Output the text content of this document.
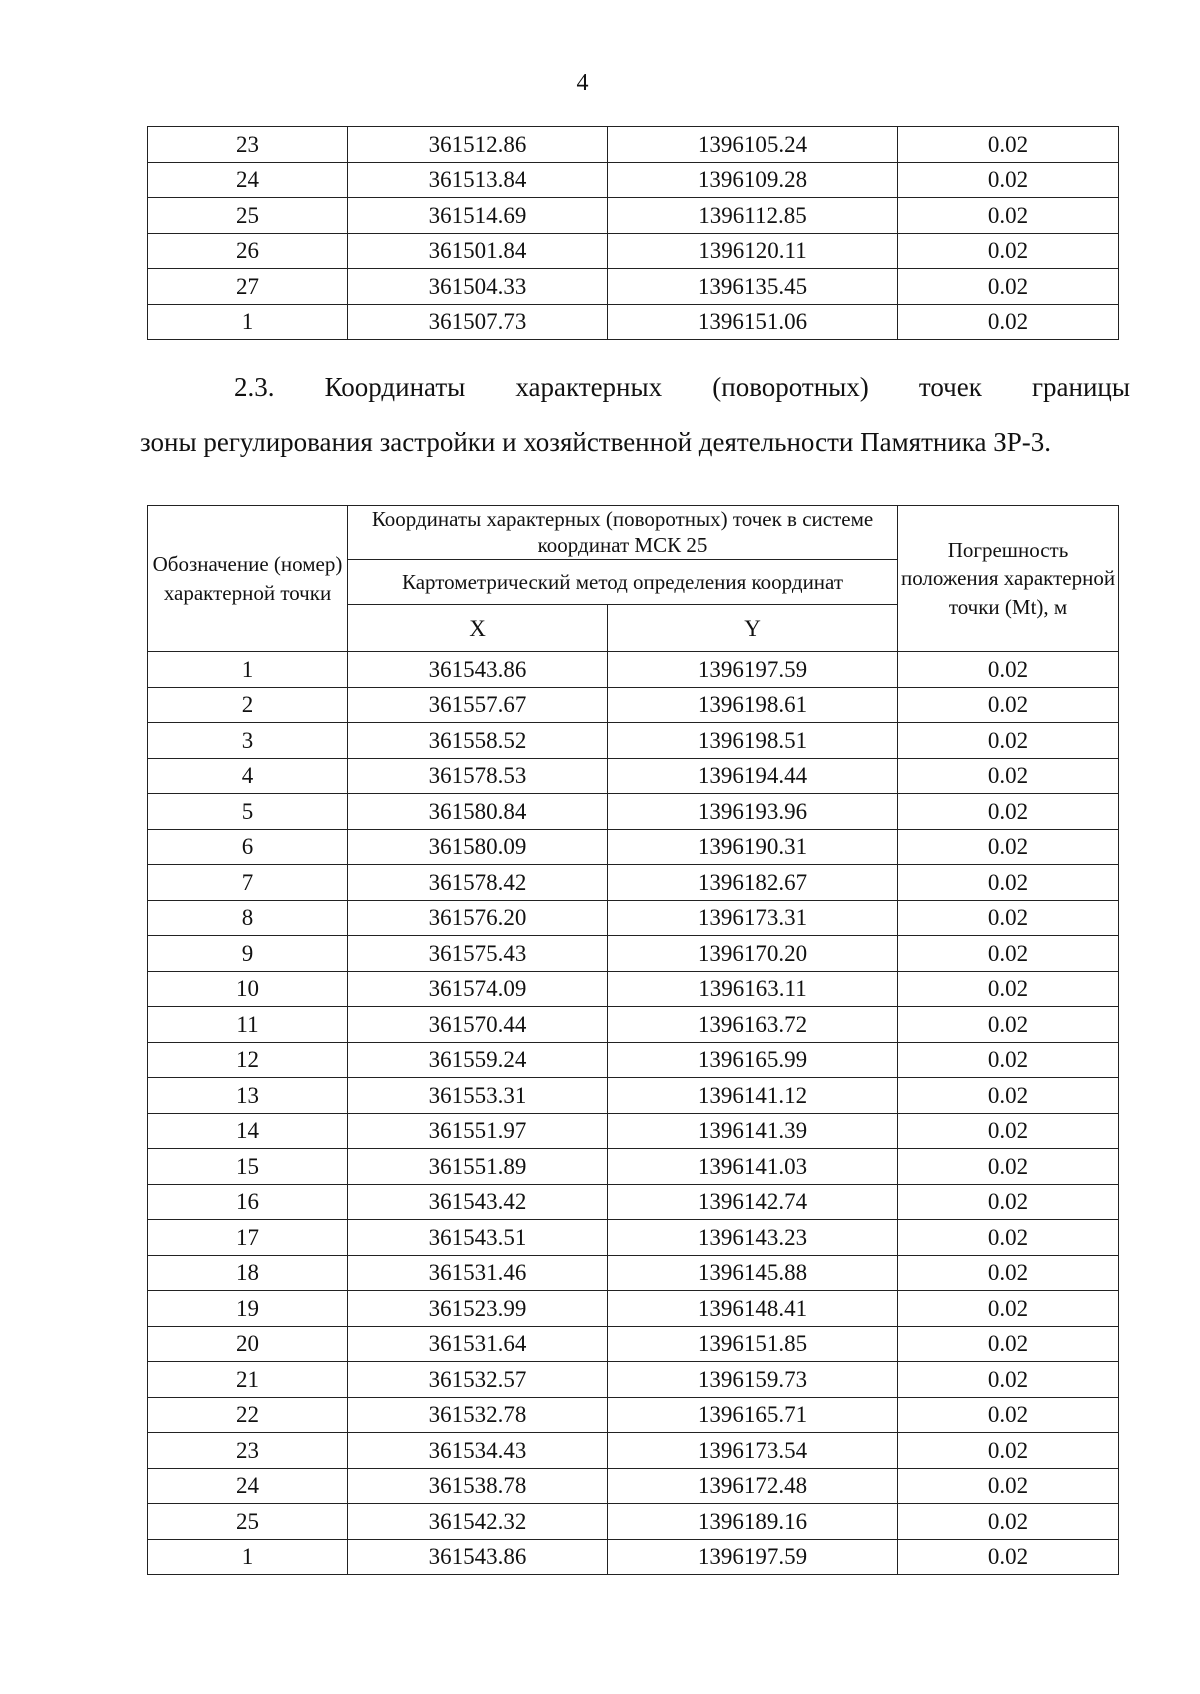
4
23	361512.86	1396105.24	0.02
24	361513.84	1396109.28	0.02
25	361514.69	1396112.85	0.02
26	361501.84	1396120.11	0.02
27	361504.33	1396135.45	0.02
1	361507.73	1396151.06	0.02
2.3. Координаты характерных (поворотных) точек границы
зоны регулирования застройки и хозяйственной деятельности Памятника ЗР-3.
Обозначение (номер) характерной точки	Координаты характерных (поворотных) точек в системе координат МСК 25		Погрешность положения характерной точки (Mt), м
	Картометрический метод определения координат		
	X	Y	
1	361543.86	1396197.59	0.02
2	361557.67	1396198.61	0.02
3	361558.52	1396198.51	0.02
4	361578.53	1396194.44	0.02
5	361580.84	1396193.96	0.02
6	361580.09	1396190.31	0.02
7	361578.42	1396182.67	0.02
8	361576.20	1396173.31	0.02
9	361575.43	1396170.20	0.02
10	361574.09	1396163.11	0.02
11	361570.44	1396163.72	0.02
12	361559.24	1396165.99	0.02
13	361553.31	1396141.12	0.02
14	361551.97	1396141.39	0.02
15	361551.89	1396141.03	0.02
16	361543.42	1396142.74	0.02
17	361543.51	1396143.23	0.02
18	361531.46	1396145.88	0.02
19	361523.99	1396148.41	0.02
20	361531.64	1396151.85	0.02
21	361532.57	1396159.73	0.02
22	361532.78	1396165.71	0.02
23	361534.43	1396173.54	0.02
24	361538.78	1396172.48	0.02
25	361542.32	1396189.16	0.02
1	361543.86	1396197.59	0.02
